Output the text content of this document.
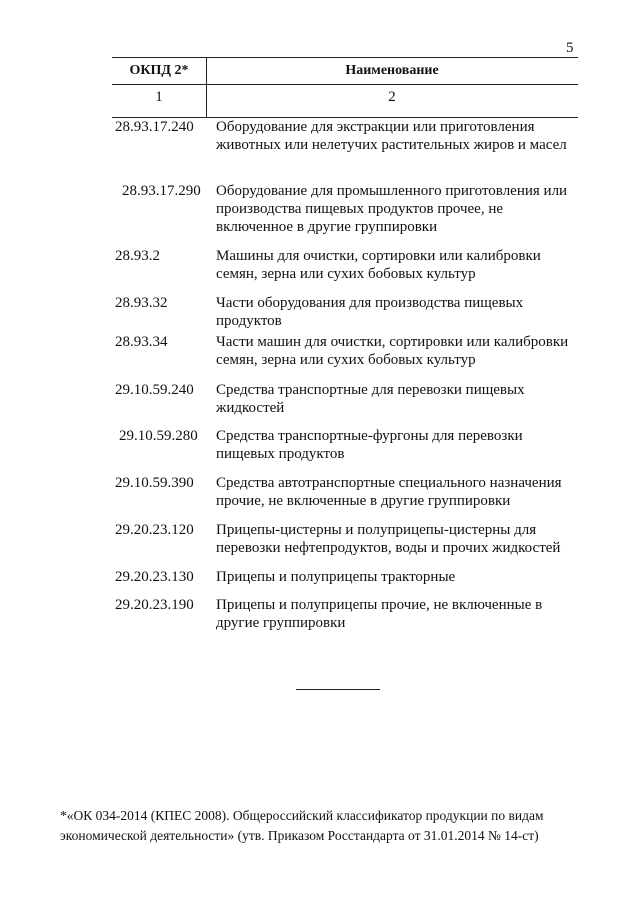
5
ОКПД 2*	Наименование
1	2
28.93.17.240 Оборудование для экстракции или приготовления животных или нелетучих растительных жиров и масел
28.93.17.290 Оборудование для промышленного приготовления или производства пищевых продуктов прочее, не включенное в другие группировки
28.93.2	Машины для очистки, сортировки или калибровки семян, зерна или сухих бобовых культур
28.93.32	Части оборудования для производства пищевых продуктов
28.93.34	Части машин для очистки, сортировки или калибровки семян, зерна или сухих бобовых культур
29.10.59.240 Средства транспортные для перевозки пищевых жидкостей
29.10.59.280 Средства транспортные-фургоны для перевозки пищевых продуктов
29.10.59.390 Средства автотранспортные специального назначения прочие, не включенные в другие группировки
29.20.23.120 Прицепы-цистерны и полуприцепы-цистерны для перевозки нефтепродуктов, воды и прочих жидкостей
29.20.23.130 Прицепы и полуприцепы тракторные
29.20.23.190 Прицепы и полуприцепы прочие, не включенные в другие группировки
*«ОК 034-2014 (КПЕС 2008). Общероссийский классификатор продукции по видам экономической деятельности» (утв. Приказом Росстандарта от 31.01.2014 № 14-ст)
